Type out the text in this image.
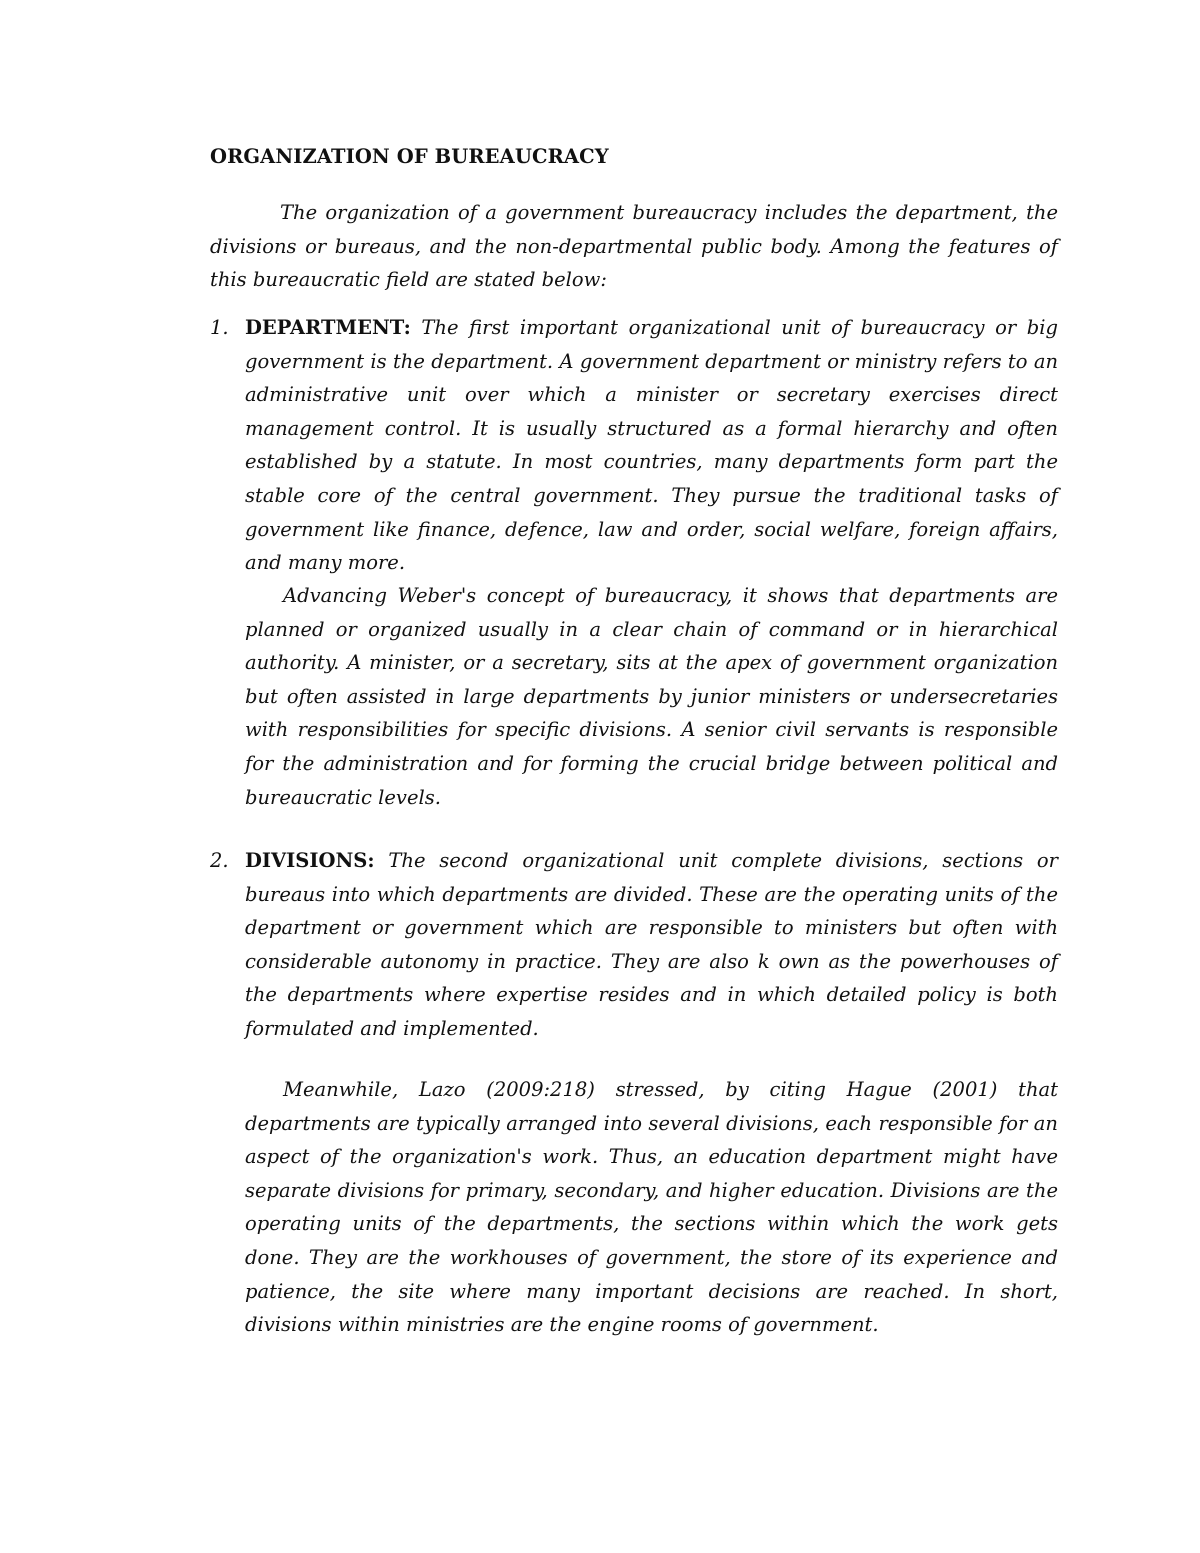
ORGANIZATION OF BUREAUCRACY

The organization of a government bureaucracy includes the department, the divisions or bureaus, and the non-departmental public body. Among the features of this bureaucratic field are stated below:

1. DEPARTMENT: The first important organizational unit of bureaucracy or big government is the department. A government department or ministry refers to an administrative unit over which a minister or secretary exercises direct management control. It is usually structured as a formal hierarchy and often established by a statute. In most countries, many departments form part the stable core of the central government. They pursue the traditional tasks of government like finance, defence, law and order, social welfare, foreign affairs, and many more.

Advancing Weber's concept of bureaucracy, it shows that departments are planned or organized usually in a clear chain of command or in hierarchical authority. A minister, or a secretary, sits at the apex of government organization but often assisted in large departments by junior ministers or undersecretaries with responsibilities for specific divisions. A senior civil servants is responsible for the administration and for forming the crucial bridge between political and bureaucratic levels.

2. DIVISIONS: The second organizational unit complete divisions, sections or bureaus into which departments are divided. These are the operating units of the department or government which are responsible to ministers but often with considerable autonomy in practice. They are also k own as the powerhouses of the departments where expertise resides and in which detailed policy is both formulated and implemented.

Meanwhile, Lazo (2009:218) stressed, by citing Hague (2001) that departments are typically arranged into several divisions, each responsible for an aspect of the organization's work. Thus, an education department might have separate divisions for primary, secondary, and higher education. Divisions are the operating units of the departments, the sections within which the work gets done. They are the workhouses of government, the store of its experience and patience, the site where many important decisions are reached. In short, divisions within ministries are the engine rooms of government.
